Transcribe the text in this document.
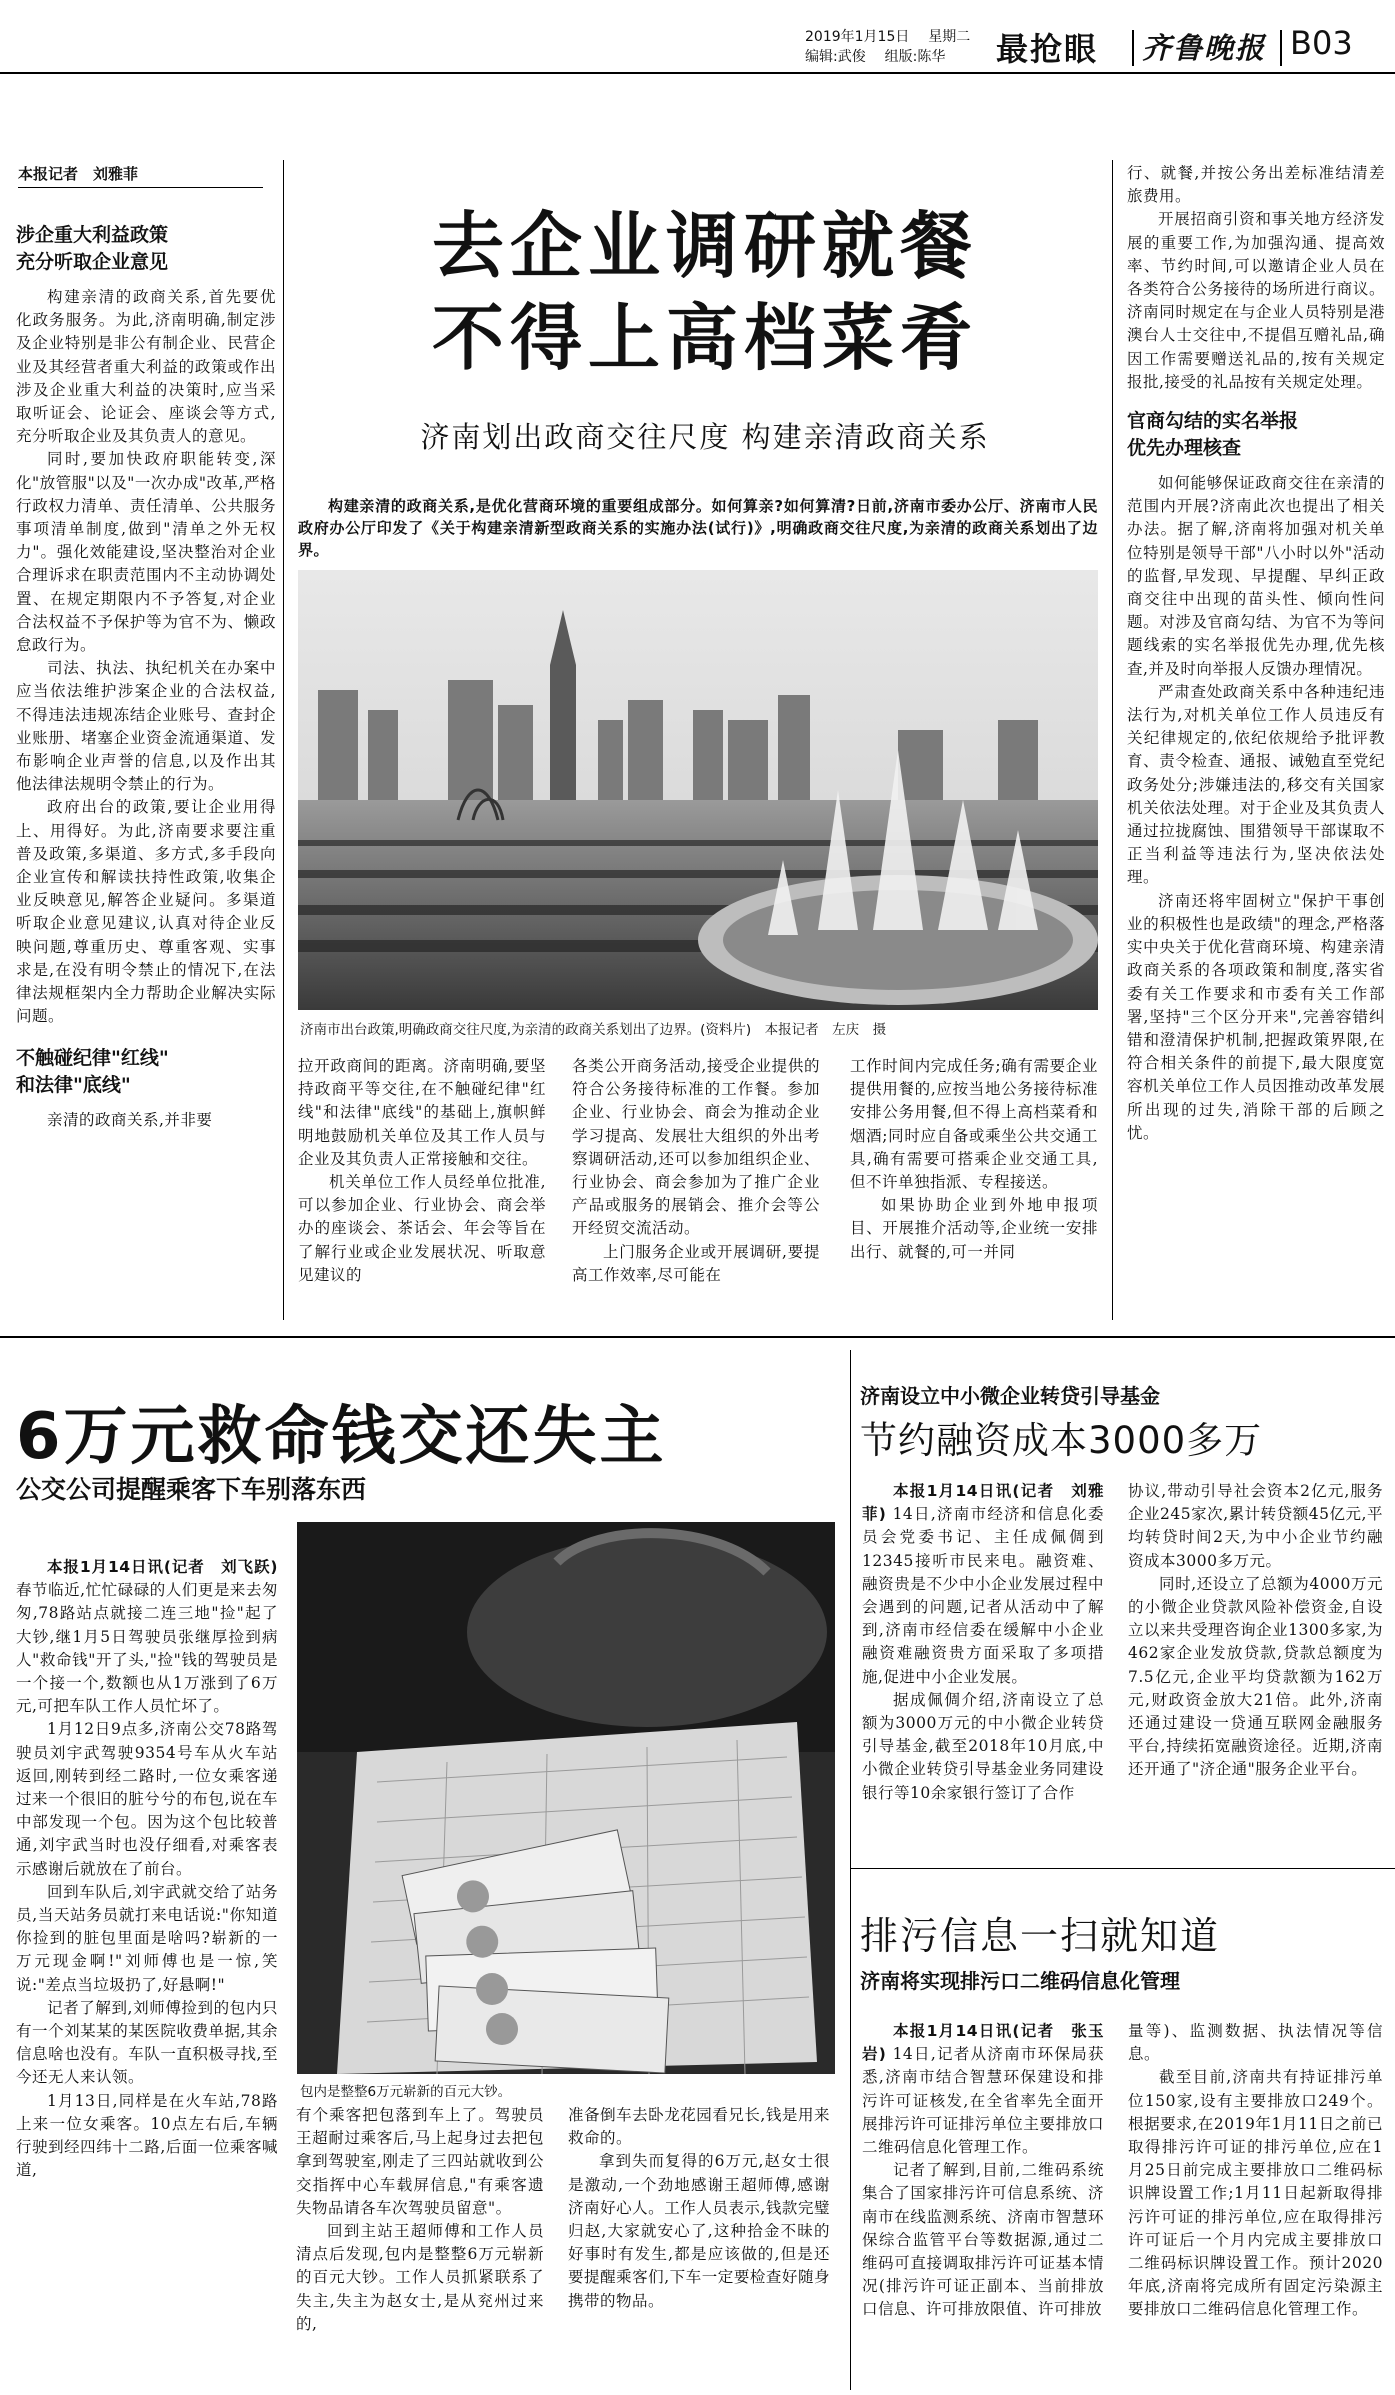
2019年1月15日 星期二
编辑:武俊 组版:陈华 最抢眼 齐鲁晚报 B03
本报记者　刘雅菲
去企业调研就餐
不得上高档菜肴
济南划出政商交往尺度 构建亲清政商关系

构建亲清的政商关系,是优化营商环境的重要组成部分。如何算亲?如何算清?日前,济南市委办公厅、济南市人民政府办公厅印发了《关于构建亲清新型政商关系的实施办法(试行)》,明确政商交往尺度,为亲清的政商关系划出了边界。

济南市出台政策,明确政商交往尺度,为亲清的政商关系划出了边界。(资料片)　本报记者　左庆　摄

涉企重大利益政策
充分听取企业意见

构建亲清的政商关系,首先要优化政务服务。为此,济南明确,制定涉及企业特别是非公有制企业、民营企业及其经营者重大利益的政策或作出涉及企业重大利益的决策时,应当采取听证会、论证会、座谈会等方式,充分听取企业及其负责人的意见。

同时,要加快政府职能转变,深化"放管服"以及"一次办成"改革,严格行政权力清单、责任清单、公共服务事项清单制度,做到"清单之外无权力"。强化效能建设,坚决整治对企业合理诉求在职责范围内不主动协调处置、在规定期限内不予答复,对企业合法权益不予保护等为官不为、懒政怠政行为。

司法、执法、执纪机关在办案中应当依法维护涉案企业的合法权益,不得违法违规冻结企业账号、查封企业账册、堵塞企业资金流通渠道、发布影响企业声誉的信息,以及作出其他法律法规明令禁止的行为。

政府出台的政策,要让企业用得上、用得好。为此,济南要求要注重普及政策,多渠道、多方式,多手段向企业宣传和解读扶持性政策,收集企业反映意见,解答企业疑问。多渠道听取企业意见建议,认真对待企业反映问题,尊重历史、尊重客观、实事求是,在没有明令禁止的情况下,在法律法规框架内全力帮助企业解决实际问题。

不触碰纪律"红线"
和法律"底线"

亲清的政商关系,并非要

拉开政商间的距离。济南明确,要坚持政商平等交往,在不触碰纪律"红线"和法律"底线"的基础上,旗帜鲜明地鼓励机关单位及其工作人员与企业及其负责人正常接触和交往。

机关单位工作人员经单位批准,可以参加企业、行业协会、商会举办的座谈会、茶话会、年会等旨在了解行业或企业发展状况、听取意见建议的

各类公开商务活动,接受企业提供的符合公务接待标准的工作餐。参加企业、行业协会、商会为推动企业学习提高、发展壮大组织的外出考察调研活动,还可以参加组织企业、行业协会、商会参加为了推广企业产品或服务的展销会、推介会等公开经贸交流活动。

上门服务企业或开展调研,要提高工作效率,尽可能在

工作时间内完成任务;确有需要企业提供用餐的,应按当地公务接待标准安排公务用餐,但不得上高档菜肴和烟酒;同时应自备或乘坐公共交通工具,确有需要可搭乘企业交通工具,但不许单独指派、专程接送。

如果协助企业到外地申报项目、开展推介活动等,企业统一安排出行、就餐的,可一并同

行、就餐,并按公务出差标准结清差旅费用。

开展招商引资和事关地方经济发展的重要工作,为加强沟通、提高效率、节约时间,可以邀请企业人员在各类符合公务接待的场所进行商议。济南同时规定在与企业人员特别是港澳台人士交往中,不提倡互赠礼品,确因工作需要赠送礼品的,按有关规定报批,接受的礼品按有关规定处理。

官商勾结的实名举报
优先办理核查

如何能够保证政商交往在亲清的范围内开展?济南此次也提出了相关办法。据了解,济南将加强对机关单位特别是领导干部"八小时以外"活动的监督,早发现、早提醒、早纠正政商交往中出现的苗头性、倾向性问题。对涉及官商勾结、为官不为等问题线索的实名举报优先办理,优先核查,并及时向举报人反馈办理情况。

严肃查处政商关系中各种违纪违法行为,对机关单位工作人员违反有关纪律规定的,依纪依规给予批评教育、责令检查、通报、诫勉直至党纪政务处分;涉嫌违法的,移交有关国家机关依法处理。对于企业及其负责人通过拉拢腐蚀、围猎领导干部谋取不正当利益等违法行为,坚决依法处理。

济南还将牢固树立"保护干事创业的积极性也是政绩"的理念,严格落实中央关于优化营商环境、构建亲清政商关系的各项政策和制度,落实省委有关工作要求和市委有关工作部署,坚持"三个区分开来",完善容错纠错和澄清保护机制,把握政策界限,在符合相关条件的前提下,最大限度宽容机关单位工作人员因推动改革发展所出现的过失,消除干部的后顾之忧。

6万元救命钱交还失主
公交公司提醒乘客下车别落东西

本报1月14日讯(记者　刘飞跃) 春节临近,忙忙碌碌的人们更是来去匆匆,78路站点就接二连三地"捡"起了大钞,继1月5日驾驶员张继厚捡到病人"救命钱"开了头,"捡"钱的驾驶员是一个接一个,数额也从1万涨到了6万元,可把车队工作人员忙坏了。

1月12日9点多,济南公交78路驾驶员刘宇武驾驶9354号车从火车站返回,刚转到经二路时,一位女乘客递过来一个很旧的脏兮兮的布包,说在车中部发现一个包。因为这个包比较普通,刘宇武当时也没仔细看,对乘客表示感谢后就放在了前台。

回到车队后,刘宇武就交给了站务员,当天站务员就打来电话说:"你知道你捡到的脏包里面是啥吗?崭新的一万元现金啊!"刘师傅也是一惊,笑说:"差点当垃圾扔了,好悬啊!"

记者了解到,刘师傅捡到的包内只有一个刘某某的某医院收费单据,其余信息啥也没有。车队一直积极寻找,至今还无人来认领。

1月13日,同样是在火车站,78路上来一位女乘客。10点左右后,车辆行驶到经四纬十二路,后面一位乘客喊道,

包内是整整6万元崭新的百元大钞。

有个乘客把包落到车上了。驾驶员王超耐过乘客后,马上起身过去把包拿到驾驶室,刚走了三四站就收到公交指挥中心车载屏信息,"有乘客遗失物品请各车次驾驶员留意"。

回到主站王超师傅和工作人员清点后发现,包内是整整6万元崭新的百元大钞。工作人员抓紧联系了失主,失主为赵女士,是从兖州过来的,

准备倒车去卧龙花园看兄长,钱是用来救命的。

拿到失而复得的6万元,赵女士很是激动,一个劲地感谢王超师傅,感谢济南好心人。工作人员表示,钱款完璧归赵,大家就安心了,这种拾金不昧的好事时有发生,都是应该做的,但是还要提醒乘客们,下车一定要检查好随身携带的物品。

济南设立中小微企业转贷引导基金
节约融资成本3000多万

本报1月14日讯(记者　刘雅菲) 14日,济南市经济和信息化委员会党委书记、主任成佩倜到12345接听市民来电。融资难、融资贵是不少中小企业发展过程中会遇到的问题,记者从活动中了解到,济南市经信委在缓解中小企业融资难融资贵方面采取了多项措施,促进中小企业发展。

据成佩倜介绍,济南设立了总额为3000万元的中小微企业转贷引导基金,截至2018年10月底,中小微企业转贷引导基金业务同建设银行等10余家银行签订了合作

协议,带动引导社会资本2亿元,服务企业245家次,累计转贷额45亿元,平均转贷时间2天,为中小企业节约融资成本3000多万元。

同时,还设立了总额为4000万元的小微企业贷款风险补偿资金,自设立以来共受理咨询企业1300多家,为462家企业发放贷款,贷款总额度为7.5亿元,企业平均贷款额为162万元,财政资金放大21倍。此外,济南还通过建设一贷通互联网金融服务平台,持续拓宽融资途径。近期,济南还开通了"济企通"服务企业平台。

排污信息一扫就知道
济南将实现排污口二维码信息化管理

本报1月14日讯(记者　张玉岩) 14日,记者从济南市环保局获悉,济南市结合智慧环保建设和排污许可证核发,在全省率先全面开展排污许可证排污单位主要排放口二维码信息化管理工作。

记者了解到,目前,二维码系统集合了国家排污许可信息系统、济南市在线监测系统、济南市智慧环保综合监管平台等数据源,通过二维码可直接调取排污许可证基本情况(排污许可证正副本、当前排放口信息、许可排放限值、许可排放

量等)、监测数据、执法情况等信息。

截至目前,济南共有持证排污单位150家,设有主要排放口249个。根据要求,在2019年1月11日之前已取得排污许可证的排污单位,应在1月25日前完成主要排放口二维码标识牌设置工作;1月11日起新取得排污许可证的排污单位,应在取得排污许可证后一个月内完成主要排放口二维码标识牌设置工作。预计2020年底,济南将完成所有固定污染源主要排放口二维码信息化管理工作。
